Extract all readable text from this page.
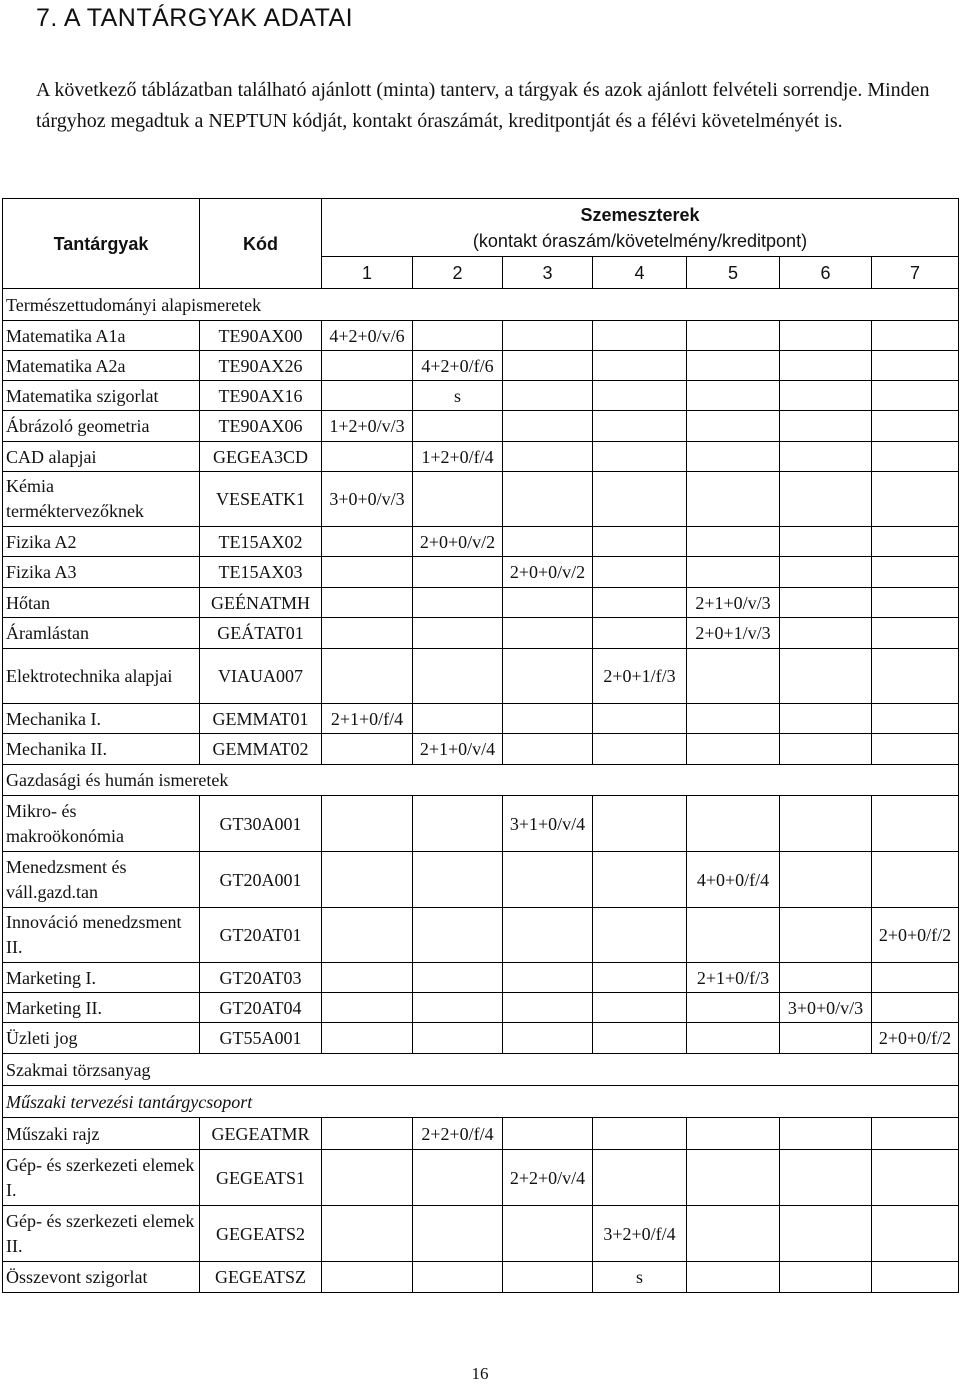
7. A TANTÁRGYAK ADATAI
A következő táblázatban található ajánlott (minta) tanterv, a tárgyak és azok ajánlott felvételi sorrendje. Minden tárgyhoz megadtuk a NEPTUN kódját, kontakt óraszámát, kreditpontját és a félévi követelményét is.
Tantárgyak	Kód	Szemeszterek
(kontakt óraszám/követelmény/kreditpont)						

		1	2	3	4	5	6	7
Természettudományi alapismeretek								
Matematika A1a	TE90AX00	4+2+0/v/6						
Matematika A2a	TE90AX26		4+2+0/f/6					
Matematika szigorlat	TE90AX16		s					
Ábrázoló geometria	TE90AX06	1+2+0/v/3						
CAD alapjai	GEGEA3CD		1+2+0/f/4					
Kémia terméktervezőknek	VESEATK1	3+0+0/v/3						
Fizika A2	TE15AX02		2+0+0/v/2					
Fizika A3	TE15AX03			2+0+0/v/2				
Hőtan	GEÉNATMH					2+1+0/v/3		
Áramlástan	GEÁTAT01					2+0+1/v/3		
Elektrotechnika alapjai	VIAUA007				2+0+1/f/3			
Mechanika I.	GEMMAT01	2+1+0/f/4						
Mechanika II.	GEMMAT02		2+1+0/v/4					
Gazdasági és humán ismeretek								
Mikro- és makroökonómia	GT30A001			3+1+0/v/4				
Menedzsment és váll.gazd.tan	GT20A001					4+0+0/f/4		
Innováció menedzsment II.	GT20AT01							2+0+0/f/2
Marketing I.	GT20AT03					2+1+0/f/3		
Marketing II.	GT20AT04						3+0+0/v/3	
Üzleti jog	GT55A001							2+0+0/f/2
Szakmai törzsanyag								
Műszaki tervezési tantárgycsoport								
Műszaki rajz	GEGEATMR		2+2+0/f/4					
Gép- és szerkezeti elemek I.	GEGEATS1			2+2+0/v/4				
Gép- és szerkezeti elemek II.	GEGEATS2				3+2+0/f/4			
Összevont szigorlat	GEGEATSZ				s			
16
